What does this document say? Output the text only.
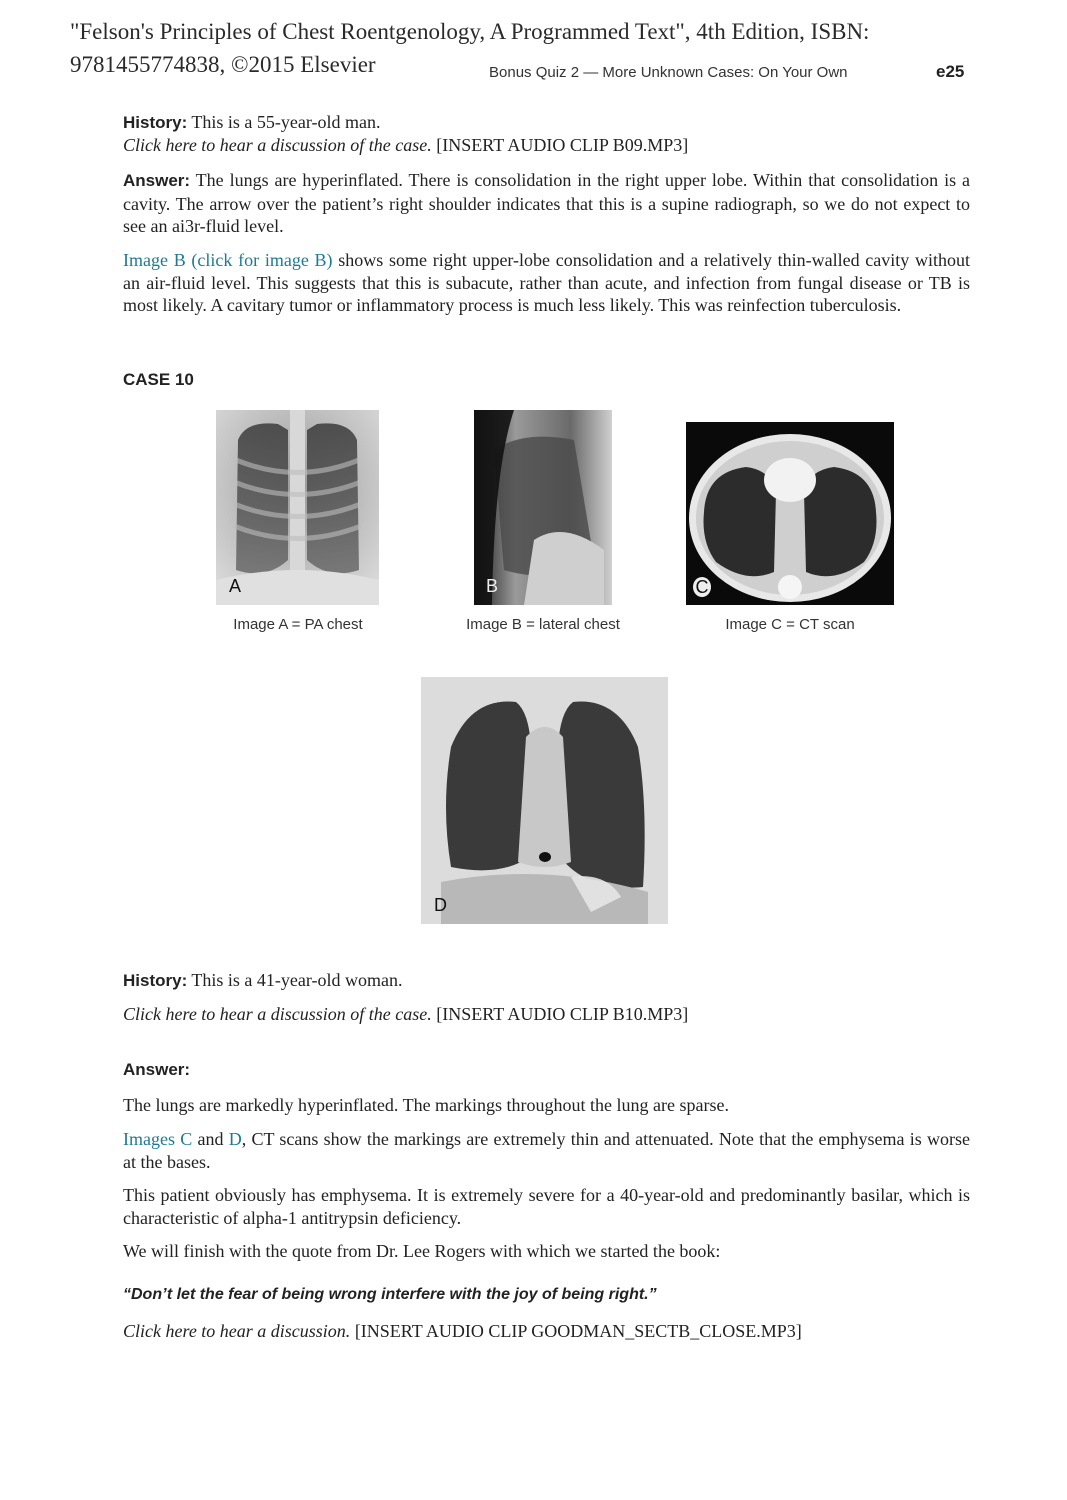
"Felson's Principles of Chest Roentgenology, A Programmed Text", 4th Edition, ISBN:
9781455774838, ©2015 Elsevier	Bonus Quiz 2 — More Unknown Cases: On Your Own	e25
History: This is a 55-year-old man.
Click here to hear a discussion of the case. [INSERT AUDIO CLIP B09.MP3]
Answer: The lungs are hyperinflated. There is consolidation in the right upper lobe. Within that consolidation is a cavity. The arrow over the patient’s right shoulder indicates that this is a supine radiograph, so we do not expect to see an ai3r-fluid level.
Image B (click for image B) shows some right upper-lobe consolidation and a relatively thin-walled cavity without an air-fluid level. This suggests that this is subacute, rather than acute, and infection from fungal disease or TB is most likely. A cavitary tumor or inflammatory process is much less likely. This was reinfection tuberculosis.
CASE 10
A
Image A = PA chest
B
Image B = lateral chest
C
Image C = CT scan
D
History: This is a 41-year-old woman.
Click here to hear a discussion of the case. [INSERT AUDIO CLIP B10.MP3]
Answer:
The lungs are markedly hyperinflated. The markings throughout the lung are sparse.
Images C and D, CT scans show the markings are extremely thin and attenuated. Note that the emphysema is worse at the bases.
This patient obviously has emphysema. It is extremely severe for a 40-year-old and predominantly basilar, which is characteristic of alpha-1 antitrypsin deficiency.
We will finish with the quote from Dr. Lee Rogers with which we started the book:
“Don’t let the fear of being wrong interfere with the joy of being right.”
Click here to hear a discussion. [INSERT AUDIO CLIP GOODMAN_SECTB_CLOSE.MP3]
